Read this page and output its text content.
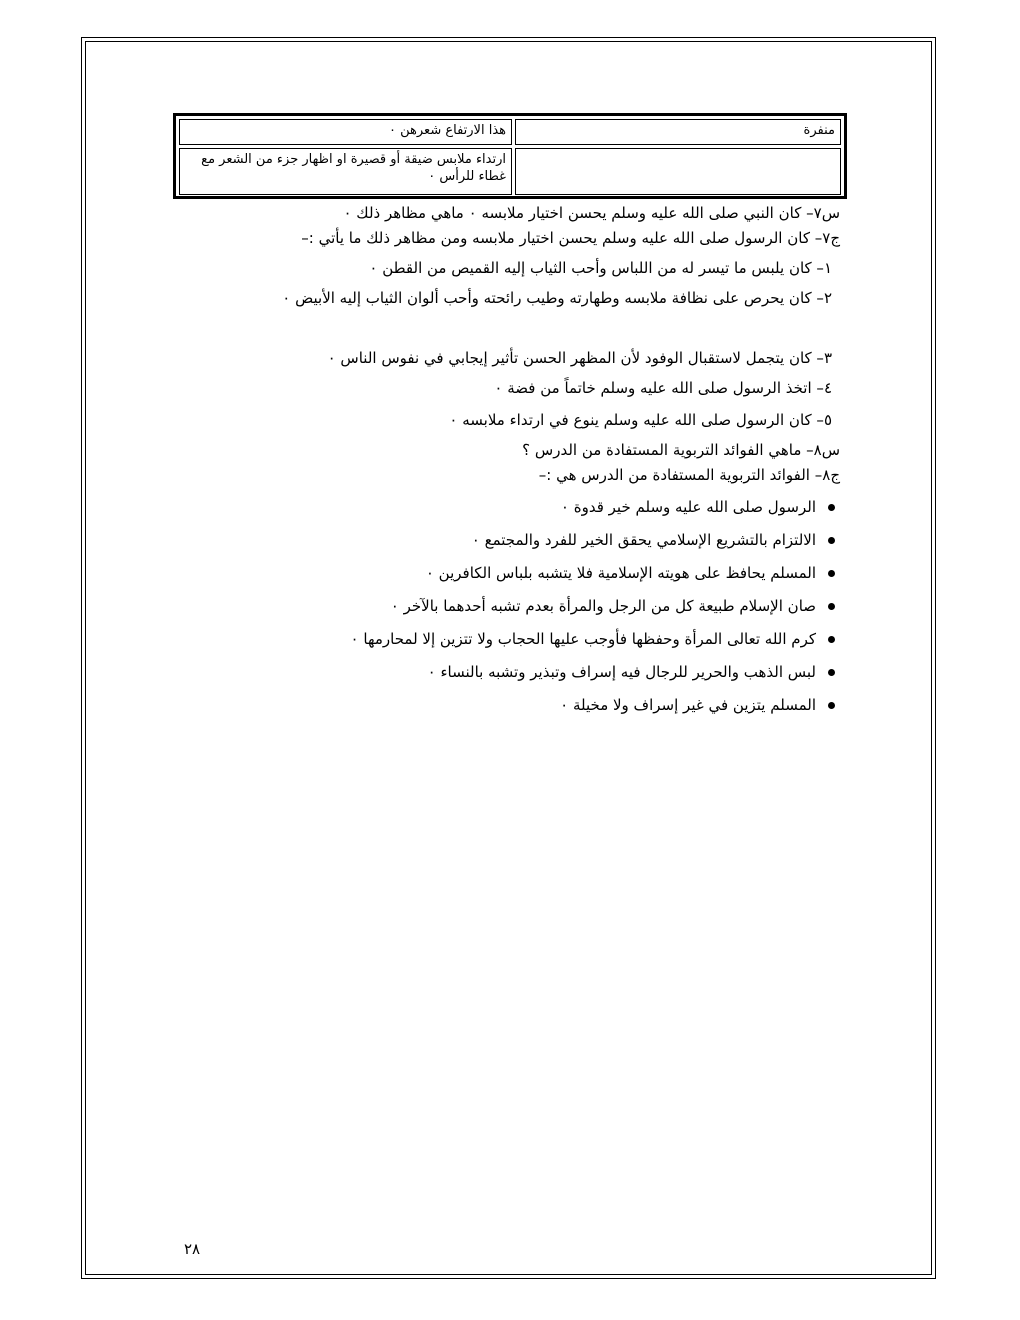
منفرة
هذا الارتفاع شعرهن ٠
ارتداء ملابس ضيقة أو قصيرة او اظهار جزء من الشعر مع غطاء للرأس ٠
س٧– كان النبي صلى الله عليه وسلم يحسن اختيار ملابسه ٠ ماهي مظاهر ذلك ٠
ج٧– كان الرسول صلى الله عليه وسلم يحسن اختيار ملابسه ومن مظاهر ذلك ما يأتي :–
١– كان يلبس ما تيسر له من اللباس وأحب الثياب إليه القميص من القطن ٠
٢– كان يحرص على نظافة ملابسه وطهارته وطيب رائحته وأحب ألوان الثياب إليه الأبيض ٠
٣– كان يتجمل لاستقبال الوفود لأن المظهر الحسن تأثير إيجابي في نفوس الناس ٠
٤– اتخذ الرسول صلى الله عليه وسلم خاتماً من فضة ٠
٥– كان الرسول صلى الله عليه وسلم ينوع في ارتداء ملابسه ٠
س٨– ماهي الفوائد التربوية المستفادة من الدرس ؟
ج٨– الفوائد التربوية المستفادة من الدرس هي :–
الرسول صلى الله عليه وسلم خير قدوة ٠
الالتزام بالتشريع الإسلامي يحقق الخير للفرد والمجتمع ٠
المسلم يحافظ على هويته الإسلامية فلا يتشبه بلباس الكافرين ٠
صان الإسلام طبيعة كل من الرجل والمرأة بعدم تشبه أحدهما بالآخر ٠
كرم الله تعالى المرأة وحفظها فأوجب عليها الحجاب ولا تتزين إلا لمحارمها ٠
لبس الذهب والحرير للرجال فيه إسراف وتبذير وتشبه بالنساء ٠
المسلم يتزين في غير إسراف ولا مخيلة ٠
٢٨
